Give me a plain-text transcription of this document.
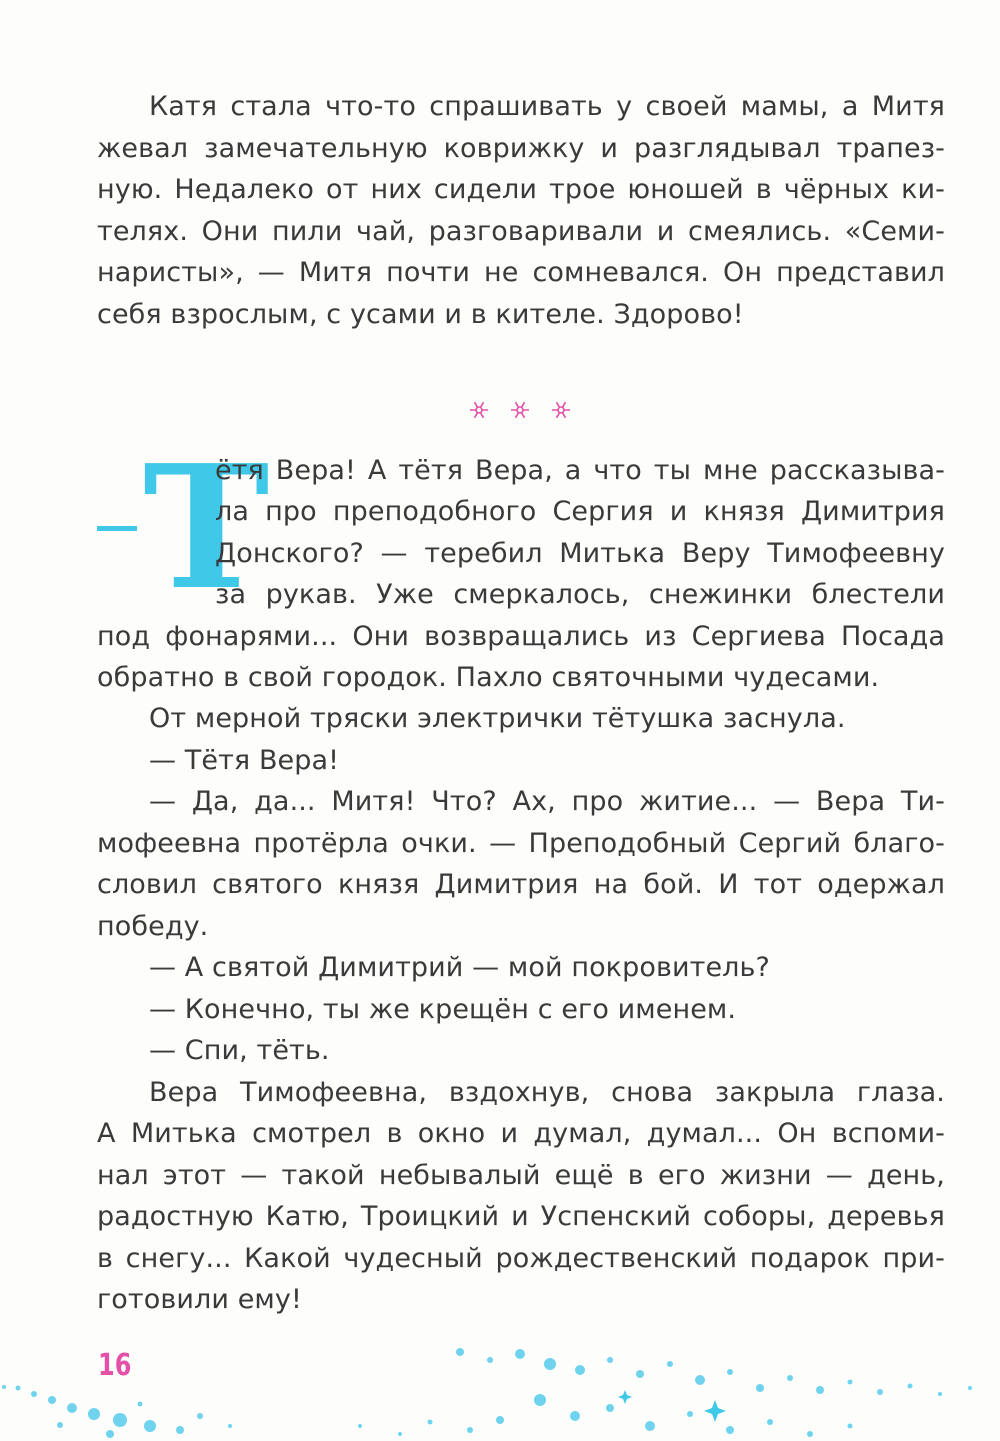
Катя стала что-то спрашивать у своей мамы, а Митя
жевал замечательную коврижку и разглядывал трапез-
ную. Недалеко от них сидели трое юношей в чёрных ки-
телях. Они пили чай, разговаривали и смеялись. «Семи-
наристы», — Митя почти не сомневался. Он представил
себя взрослым, с усами и в кителе. Здорово!
Т
ётя Вера! А тётя Вера, а что ты мне рассказыва-
ла про преподобного Сергия и князя Димитрия
Донского? — теребил Митька Веру Тимофеевну
за рукав. Уже смеркалось, снежинки блестели
под фонарями... Они возвращались из Сергиева Посада
обратно в свой городок. Пахло святочными чудесами.
От мерной тряски электрички тётушка заснула.
— Тётя Вера!
— Да, да... Митя! Что? Ах, про житие... — Вера Ти-
мофеевна протёрла очки. — Преподобный Сергий благо-
словил святого князя Димитрия на бой. И тот одержал
победу.
— А святой Димитрий — мой покровитель?
— Конечно, ты же крещён с его именем.
— Спи, тёть.
Вера Тимофеевна, вздохнув, снова закрыла глаза.
А Митька смотрел в окно и думал, думал... Он вспоми-
нал этот — такой небывалый ещё в его жизни — день,
радостную Катю, Троицкий и Успенский соборы, деревья
в снегу... Какой чудесный рождественский подарок при-
готовили ему!
16
